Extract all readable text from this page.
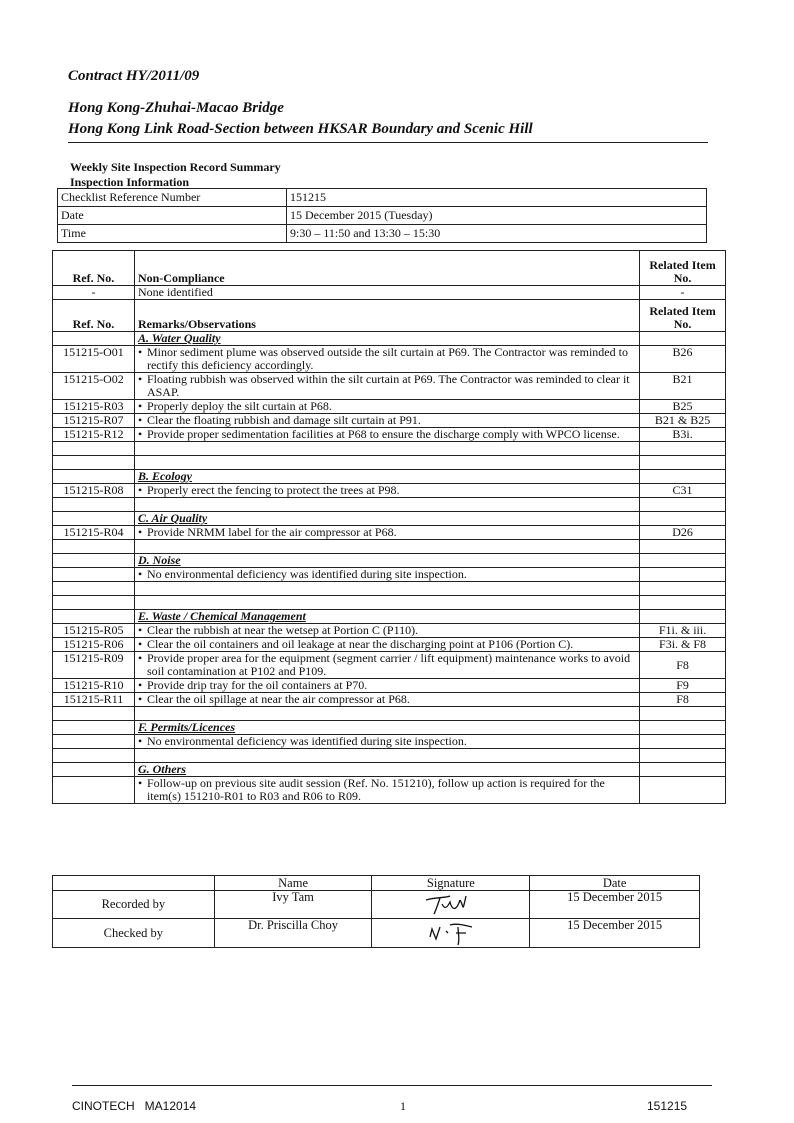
Contract HY/2011/09
Hong Kong-Zhuhai-Macao Bridge
Hong Kong Link Road-Section between HKSAR Boundary and Scenic Hill
Weekly Site Inspection Record Summary
Inspection Information
Checklist Reference Number	151215
Date	15 December 2015 (Tuesday)
Time	9:30 – 11:50 and 13:30 – 15:30
Ref. No.	Non-Compliance	Related Item No.
-	None identified	-
Ref. No.	Remarks/Observations	Related Item No.
	A. Water Quality	
151215-O01	• Minor sediment plume was observed outside the silt curtain at P69. The Contractor was reminded to rectify this deficiency accordingly.	B26
151215-O02	• Floating rubbish was observed within the silt curtain at P69. The Contractor was reminded to clear it ASAP.	B21
151215-R03	• Properly deploy the silt curtain at P68.	B25
151215-R07	• Clear the floating rubbish and damage silt curtain at P91.	B21 & B25
151215-R12	• Provide proper sedimentation facilities at P68 to ensure the discharge comply with WPCO license.	B3i.

	B. Ecology	
151215-R08	• Properly erect the fencing to protect the trees at P98.	C31

	C. Air Quality	
151215-R04	• Provide NRMM label for the air compressor at P68.	D26

	D. Noise	
	• No environmental deficiency was identified during site inspection.	

	E. Waste / Chemical Management	
151215-R05	• Clear the rubbish at near the wetsep at Portion C (P110).	F1i. & iii.
151215-R06	• Clear the oil containers and oil leakage at near the discharging point at P106 (Portion C).	F3i. & F8
151215-R09	• Provide proper area for the equipment (segment carrier / lift equipment) maintenance works to avoid soil contamination at P102 and P109.	F8
151215-R10	• Provide drip tray for the oil containers at P70.	F9
151215-R11	• Clear the oil spillage at near the air compressor at P68.	F8

	F. Permits/Licences	
	• No environmental deficiency was identified during site inspection.	

	G. Others	
	• Follow-up on previous site audit session (Ref. No. 151210), follow up action is required for the item(s) 151210-R01 to R03 and R06 to R09.	
	Name	Signature	Date
Recorded by	Ivy Tam		15 December 2015
Checked by	Dr. Priscilla Choy		15 December 2015
CINOTECH   MA12014	1	151215
